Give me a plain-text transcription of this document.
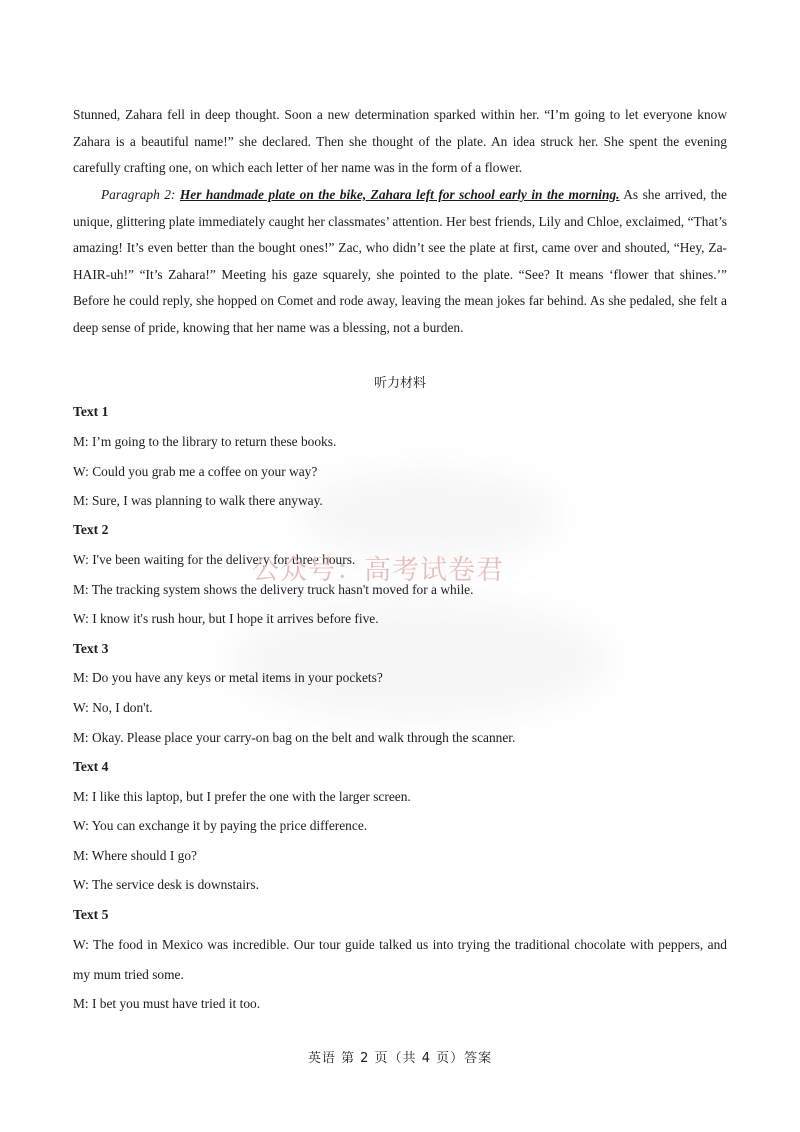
Stunned, Zahara fell in deep thought. Soon a new determination sparked within her. “I’m going to let everyone know Zahara is a beautiful name!” she declared. Then she thought of the plate. An idea struck her. She spent the evening carefully crafting one, on which each letter of her name was in the form of a flower.

Paragraph 2: Her handmade plate on the bike, Zahara left for school early in the morning. As she arrived, the unique, glittering plate immediately caught her classmates’ attention. Her best friends, Lily and Chloe, exclaimed, “That’s amazing! It’s even better than the bought ones!” Zac, who didn’t see the plate at first, came over and shouted, “Hey, Za-HAIR-uh!” “It’s Zahara!” Meeting his gaze squarely, she pointed to the plate. “See? It means ‘flower that shines.’” Before he could reply, she hopped on Comet and rode away, leaving the mean jokes far behind. As she pedaled, she felt a deep sense of pride, knowing that her name was a blessing, not a burden.

听力材料

Text 1

M: I’m going to the library to return these books.

W: Could you grab me a coffee on your way?

M: Sure, I was planning to walk there anyway.

Text 2

W: I've been waiting for the delivery for three hours.

M: The tracking system shows the delivery truck hasn't moved for a while.

W: I know it's rush hour, but I hope it arrives before five.

Text 3

M: Do you have any keys or metal items in your pockets?

W: No, I don't.

M: Okay. Please place your carry-on bag on the belt and walk through the scanner.

Text 4

M: I like this laptop, but I prefer the one with the larger screen.

W: You can exchange it by paying the price difference.

M: Where should I go?

W: The service desk is downstairs.

Text 5

W: The food in Mexico was incredible. Our tour guide talked us into trying the traditional chocolate with peppers, and my mum tried some.

M: I bet you must have tried it too.

公众号：高考试卷君

英语 第 2 页（共 4 页）答案
